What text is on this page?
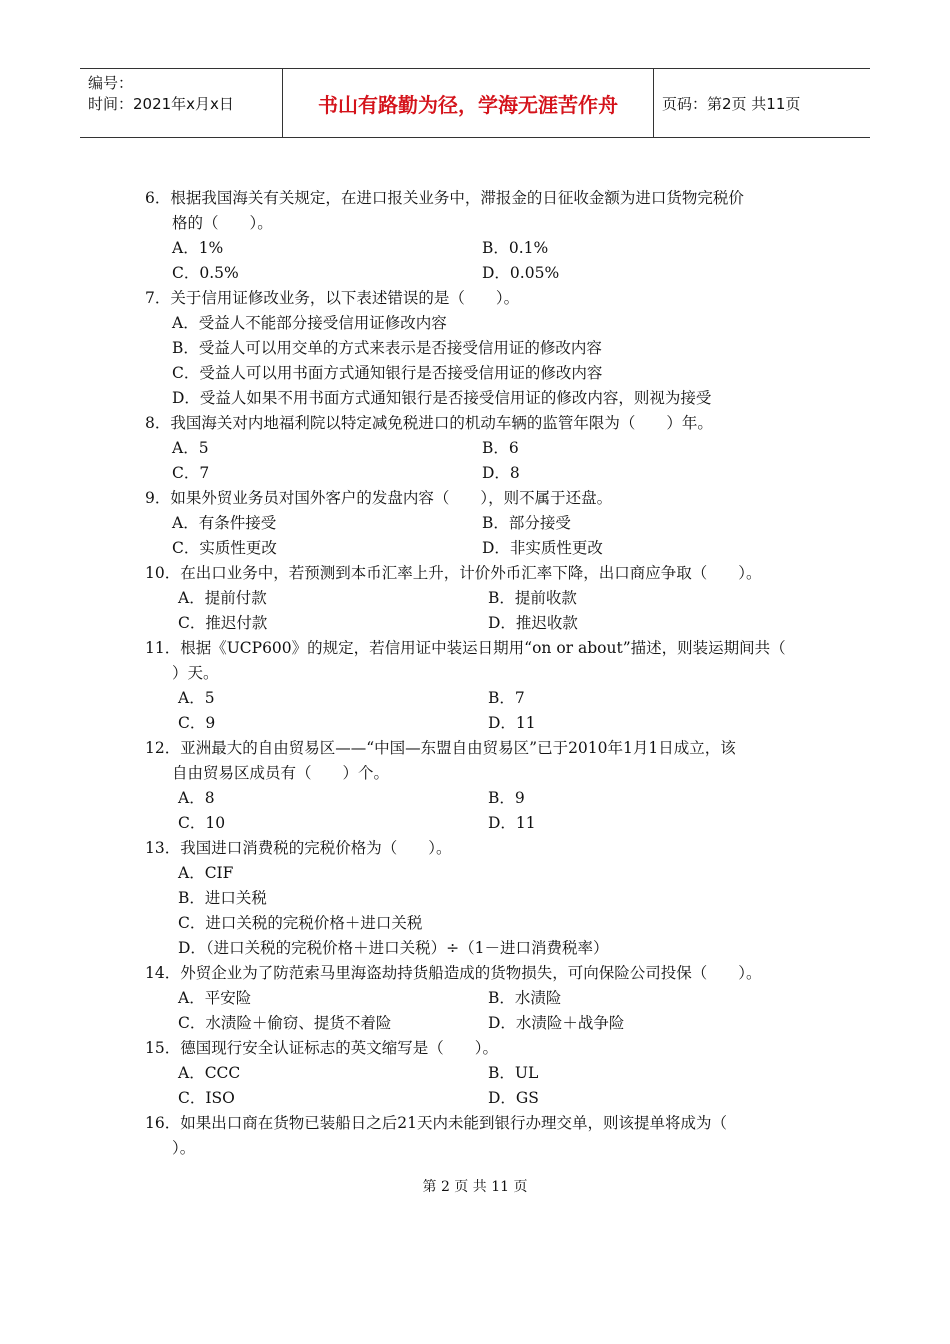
编号：
时间：2021年x月x日	书山有路勤为径，学海无涯苦作舟	页码：第2页 共11页
6．根据我国海关有关规定，在进口报关业务中，滞报金的日征收金额为进口货物完税价
格的（　　）。
A．1%	B．0.1%
C．0.5%	D．0.05%
7．关于信用证修改业务，以下表述错误的是（　　）。
A．受益人不能部分接受信用证修改内容
B．受益人可以用交单的方式来表示是否接受信用证的修改内容
C．受益人可以用书面方式通知银行是否接受信用证的修改内容
D．受益人如果不用书面方式通知银行是否接受信用证的修改内容，则视为接受
8．我国海关对内地福利院以特定减免税进口的机动车辆的监管年限为（　　）年。
A．5	B．6
C．7	D．8
9．如果外贸业务员对国外客户的发盘内容（　　），则不属于还盘。
A．有条件接受	B．部分接受
C．实质性更改	D．非实质性更改
10．在出口业务中，若预测到本币汇率上升，计价外币汇率下降，出口商应争取（　　）。
A．提前付款	B．提前收款
C．推迟付款	D．推迟收款
11．根据《UCP600》的规定，若信用证中装运日期用“on or about”描述，则装运期间共（
）天。
A．5	B．7
C．9	D．11
12．亚洲最大的自由贸易区——“中国—东盟自由贸易区”已于2010年1月1日成立，该
自由贸易区成员有（　　）个。
A．8	B．9
C．10	D．11
13．我国进口消费税的完税价格为（　　）。
A．CIF
B．进口关税
C．进口关税的完税价格＋进口关税
D．（进口关税的完税价格＋进口关税）÷（1－进口消费税率）
14．外贸企业为了防范索马里海盗劫持货船造成的货物损失，可向保险公司投保（　　）。
A．平安险	B．水渍险
C．水渍险＋偷窃、提货不着险	D．水渍险＋战争险
15．德国现行安全认证标志的英文缩写是（　　）。
A．CCC	B．UL
C．ISO	D．GS
16．如果出口商在货物已装船日之后21天内未能到银行办理交单，则该提单将成为（
）。
第 2 页 共 11 页
